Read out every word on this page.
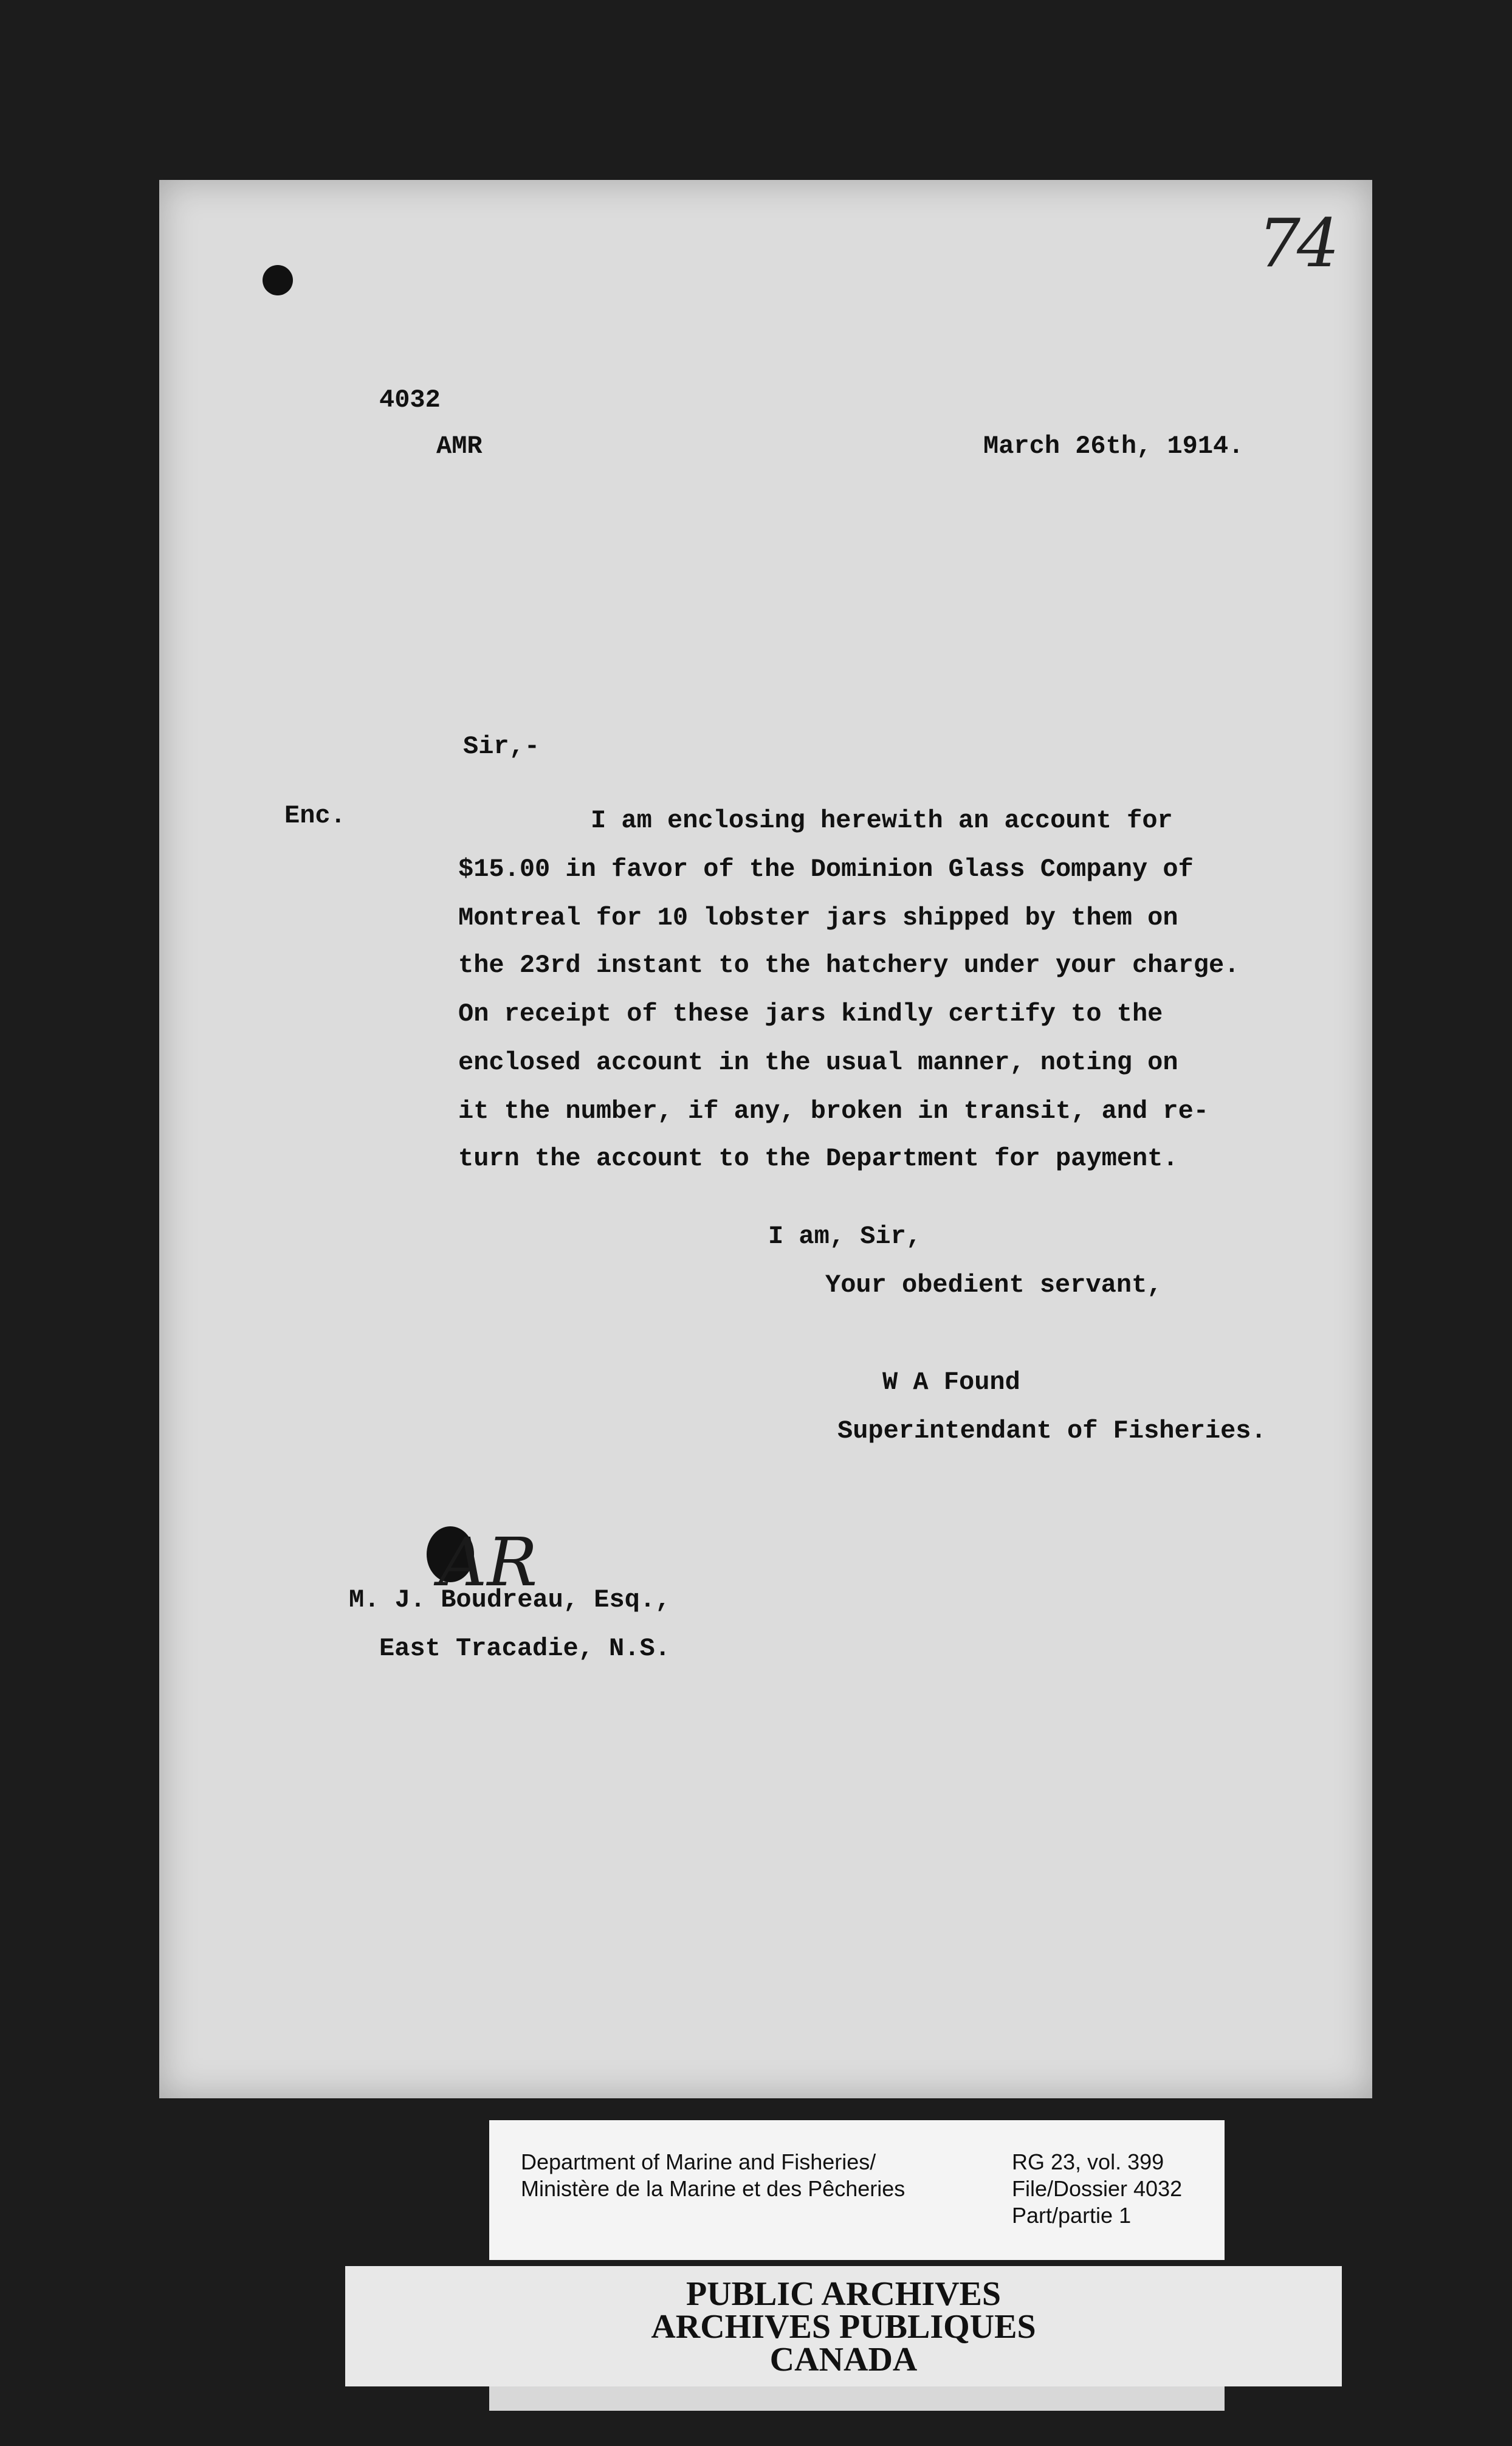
74
4032
AMR	March 26th, 1914.
Sir,-
Enc.	I am enclosing herewith an account for
$15.00 in favor of the Dominion Glass Company of
Montreal for 10 lobster jars shipped by them on
the 23rd instant to the hatchery under your charge.
On receipt of these jars kindly certify to the
enclosed account in the usual manner, noting on
it the number, if any, broken in transit, and re-
turn the account to the Department for payment.
I am, Sir,
Your obedient servant,
W A Found
Superintendant of Fisheries.
AR
M. J. Boudreau, Esq.,
East Tracadie, N.S.
Department of Marine and Fisheries/
Ministère de la Marine et des Pêcheries
RG 23, vol. 399
File/Dossier 4032
Part/partie 1
PUBLIC ARCHIVES
ARCHIVES PUBLIQUES
CANADA
